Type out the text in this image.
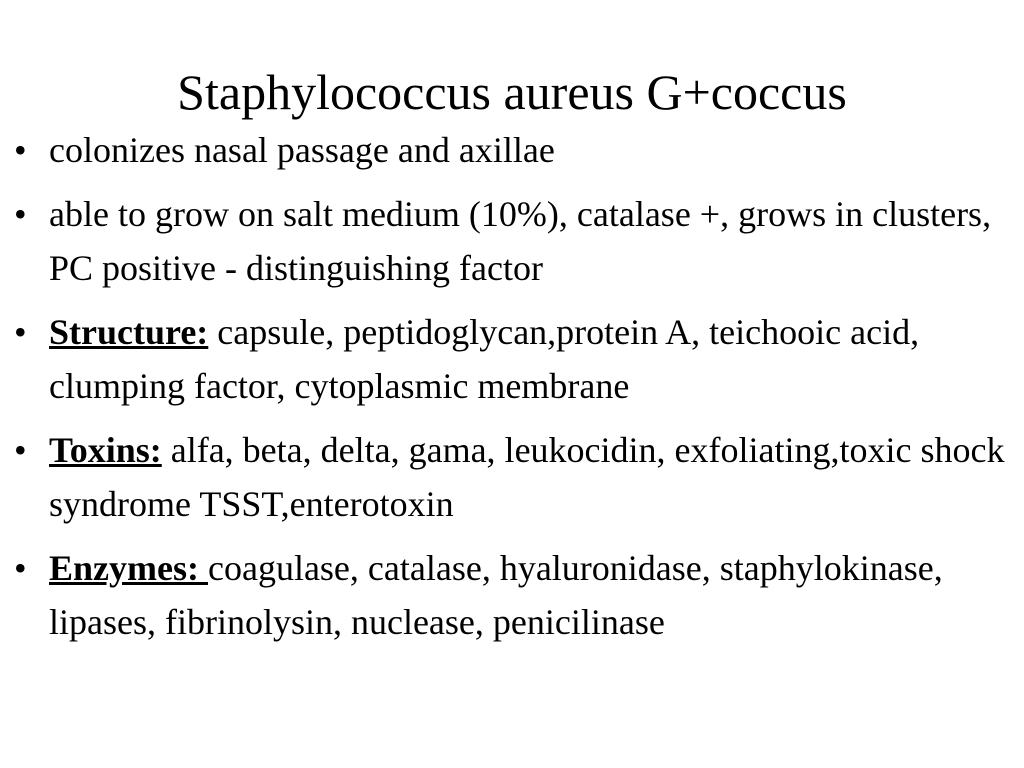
Staphylococcus aureus G+coccus
• colonizes nasal passage and axillae
• able to grow on salt medium (10%), catalase +, grows in clusters, PC positive - distinguishing factor
• Structure: capsule, peptidoglycan,protein A, teichooic acid, clumping factor, cytoplasmic membrane
• Toxins: alfa, beta, delta, gama, leukocidin, exfoliating,toxic shock syndrome TSST,enterotoxin
• Enzymes: coagulase, catalase, hyaluronidase, staphylokinase, lipases, fibrinolysin, nuclease, penicilinase
